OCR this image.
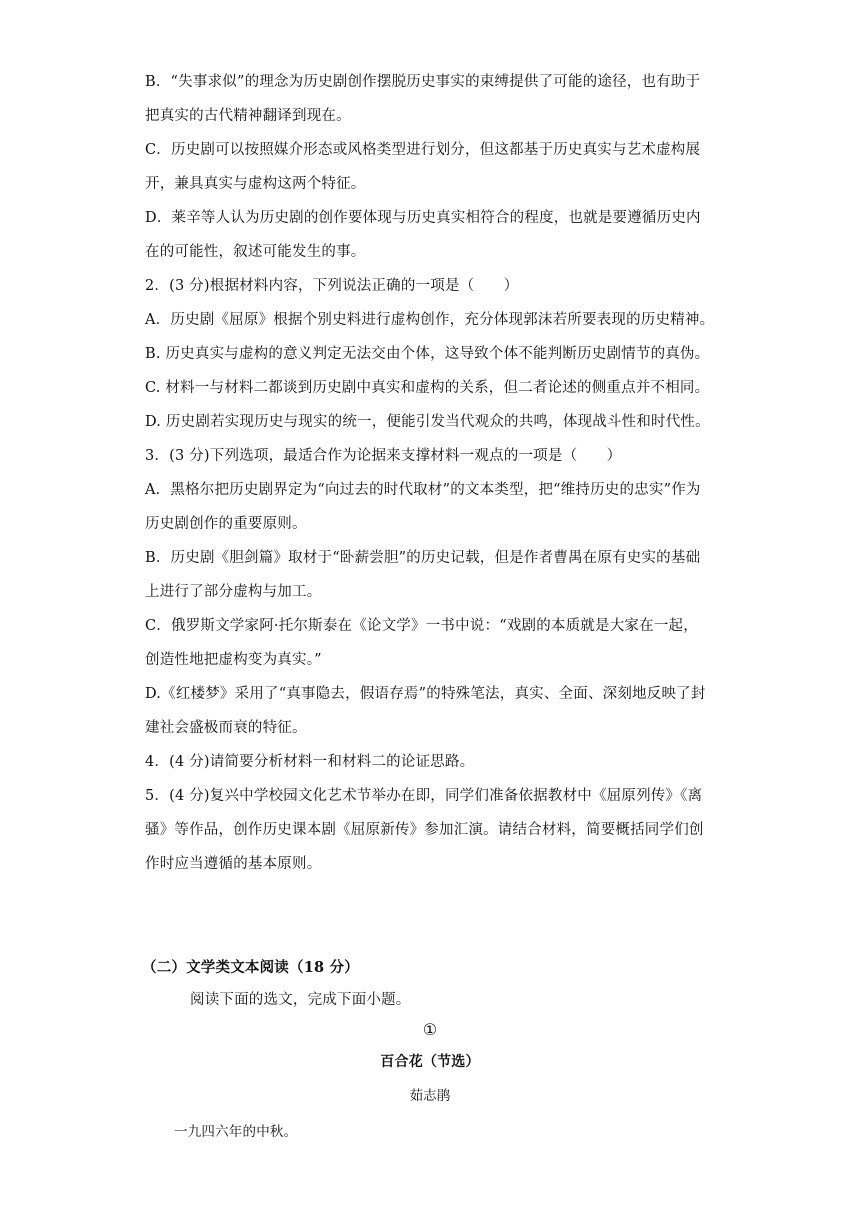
B．“失事求似”的理念为历史剧创作摆脱历史事实的束缚提供了可能的途径，也有助于
把真实的古代精神翻译到现在。
C．历史剧可以按照媒介形态或风格类型进行划分，但这都基于历史真实与艺术虚构展
开，兼具真实与虚构这两个特征。
D．莱辛等人认为历史剧的创作要体现与历史真实相符合的程度，也就是要遵循历史内
在的可能性，叙述可能发生的事。
2．(3 分)根据材料内容，下列说法正确的一项是（　　）
A．历史剧《屈原》根据个别史料进行虚构创作，充分体现郭沫若所要表现的历史精神。
B. 历史真实与虚构的意义判定无法交由个体，这导致个体不能判断历史剧情节的真伪。
C. 材料一与材料二都谈到历史剧中真实和虚构的关系，但二者论述的侧重点并不相同。
D. 历史剧若实现历史与现实的统一，便能引发当代观众的共鸣，体现战斗性和时代性。
3．(3 分)下列选项，最适合作为论据来支撑材料一观点的一项是（　　）
A．黑格尔把历史剧界定为“向过去的时代取材”的文本类型，把“维持历史的忠实”作为
历史剧创作的重要原则。
B．历史剧《胆剑篇》取材于“卧薪尝胆”的历史记载，但是作者曹禺在原有史实的基础
上进行了部分虚构与加工。
C．俄罗斯文学家阿·托尔斯泰在《论文学》一书中说：“戏剧的本质就是大家在一起，
创造性地把虚构变为真实。”
D.《红楼梦》采用了“真事隐去，假语存焉”的特殊笔法，真实、全面、深刻地反映了封
建社会盛极而衰的特征。
4．(4 分)请简要分析材料一和材料二的论证思路。
5．(4 分)复兴中学校园文化艺术节举办在即，同学们准备依据教材中《屈原列传》《离
骚》等作品，创作历史课本剧《屈原新传》参加汇演。请结合材料，简要概括同学们创
作时应当遵循的基本原则。
（二）文学类文本阅读（18 分）
阅读下面的选文，完成下面小题。
①
百合花（节选）
茹志鹃
一九四六年的中秋。
